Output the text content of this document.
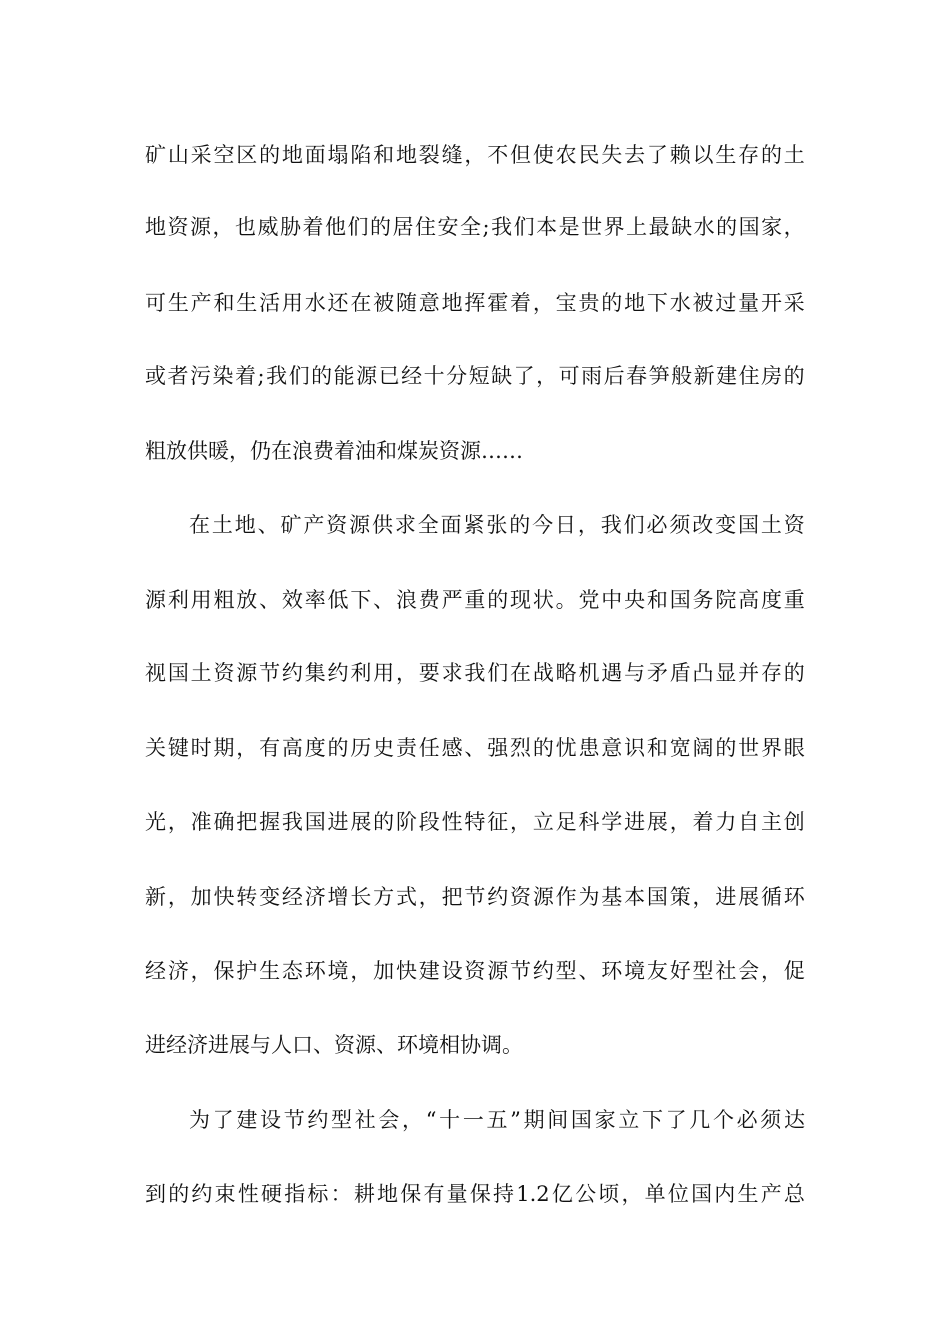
矿 山 采 空 区 的 地 面 塌 陷 和 地 裂 缝 ， 不 但 使 农 民 失 去 了 赖 以 生 存 的 土
地 资 源 ， 也 威 胁 着 他 们 的 居 住 安 全 ; 我 们 本 是 世 界 上 最 缺 水 的 国 家 ，
可 生 产 和 生 活 用 水 还 在 被 随 意 地 挥 霍 着 ， 宝 贵 的 地 下 水 被 过 量 开 采
或 者 污 染 着 ; 我 们 的 能 源 已 经 十 分 短 缺 了 ， 可 雨 后 春 笋 般 新 建 住 房 的
粗放供暖，仍在浪费着油和煤炭资源……
在 土 地 、 矿 产 资 源 供 求 全 面 紧 张 的 今 日 ， 我 们 必 须 改 变 国 土 资
源 利 用 粗 放 、 效 率 低 下 、 浪 费 严 重 的 现 状 。 党 中 央 和 国 务 院 高 度 重
视 国 土 资 源 节 约 集 约 利 用 ， 要 求 我 们 在 战 略 机 遇 与 矛 盾 凸 显 并 存 的
关 键 时 期 ， 有 高 度 的 历 史 责 任 感 、 强 烈 的 忧 患 意 识 和 宽 阔 的 世 界 眼
光 ， 准 确 把 握 我 国 进 展 的 阶 段 性 特 征 ， 立 足 科 学 进 展 ， 着 力 自 主 创
新 ， 加 快 转 变 经 济 增 长 方 式 ， 把 节 约 资 源 作 为 基 本 国 策 ， 进 展 循 环
经 济 ， 保 护 生 态 环 境 ， 加 快 建 设 资 源 节 约 型 、 环 境 友 好 型 社 会 ， 促
进经济进展与人口、资源、环境相协调。
为 了 建 设 节 约 型 社 会 ， “ 十 一 五 ” 期 间 国 家 立 下 了 几 个 必 须 达
到 的 约 束 性 硬 指 标 ： 耕 地 保 有 量 保 持 1.2 亿 公 顷 ， 单 位 国 内 生 产 总
